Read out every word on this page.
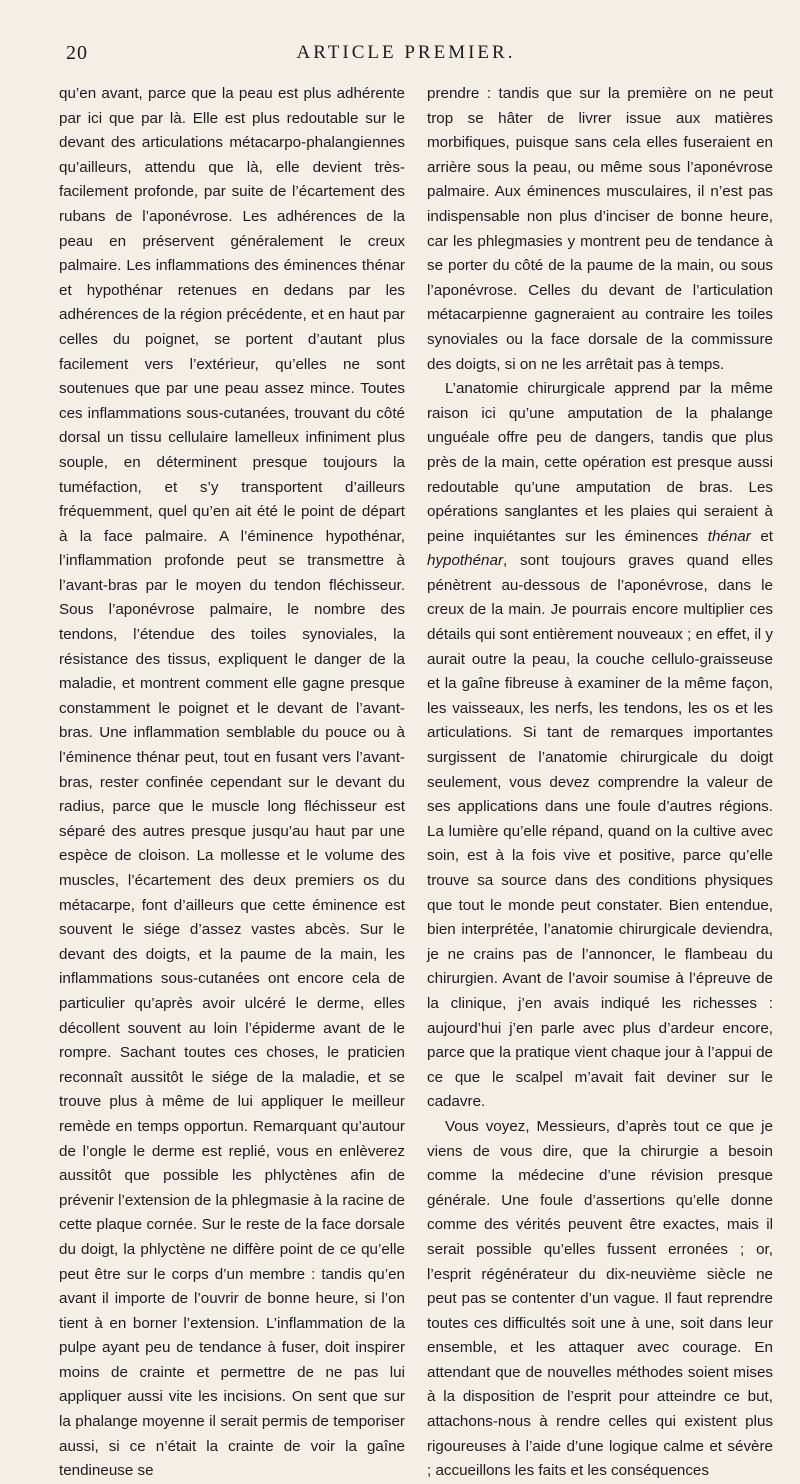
20	ARTICLE PREMIER.

qu’en avant, parce que la peau est plus adhérente par ici que par là. Elle est plus redoutable sur le devant des articulations métacarpo-phalangiennes qu’ailleurs, attendu que là, elle devient très-facilement profonde, par suite de l’écartement des rubans de l’aponévrose. Les adhérences de la peau en préservent généralement le creux palmaire. Les inflammations des éminences thénar et hypothénar retenues en dedans par les adhérences de la région précédente, et en haut par celles du poignet, se portent d’autant plus facilement vers l’extérieur, qu’elles ne sont soutenues que par une peau assez mince. Toutes ces inflammations sous-cutanées, trouvant du côté dorsal un tissu cellulaire lamelleux infiniment plus souple, en déterminent presque toujours la tuméfaction, et s’y transportent d’ailleurs fréquemment, quel qu’en ait été le point de départ à la face palmaire. A l’éminence hypothénar, l’inflammation profonde peut se transmettre à l’avant-bras par le moyen du tendon fléchisseur. Sous l’aponévrose palmaire, le nombre des tendons, l’étendue des toiles synoviales, la résistance des tissus, expliquent le danger de la maladie, et montrent comment elle gagne presque constamment le poignet et le devant de l’avant-bras. Une inflammation semblable du pouce ou à l’éminence thénar peut, tout en fusant vers l’avant-bras, rester confinée cependant sur le devant du radius, parce que le muscle long fléchisseur est séparé des autres presque jusqu’au haut par une espèce de cloison. La mollesse et le volume des muscles, l’écartement des deux premiers os du métacarpe, font d’ailleurs que cette éminence est souvent le siége d’assez vastes abcès. Sur le devant des doigts, et la paume de la main, les inflammations sous-cutanées ont encore cela de particulier qu’après avoir ulcéré le derme, elles décollent souvent au loin l’épiderme avant de le rompre. Sachant toutes ces choses, le praticien reconnaît aussitôt le siége de la maladie, et se trouve plus à même de lui appliquer le meilleur remède en temps opportun. Remarquant qu’autour de l’ongle le derme est replié, vous en enlèverez aussitôt que possible les phlyctènes afin de prévenir l’extension de la phlegmasie à la racine de cette plaque cornée. Sur le reste de la face dorsale du doigt, la phlyctène ne diffère point de ce qu’elle peut être sur le corps d’un membre : tandis qu’en avant il importe de l’ouvrir de bonne heure, si l’on tient à en borner l’extension. L’inflammation de la pulpe ayant peu de tendance à fuser, doit inspirer moins de crainte et permettre de ne pas lui appliquer aussi vite les incisions. On sent que sur la phalange moyenne il serait permis de temporiser aussi, si ce n’était la crainte de voir la gaîne tendineuse se

prendre : tandis que sur la première on ne peut trop se hâter de livrer issue aux matières morbifiques, puisque sans cela elles fuseraient en arrière sous la peau, ou même sous l’aponévrose palmaire. Aux éminences musculaires, il n’est pas indispensable non plus d’inciser de bonne heure, car les phlegmasies y montrent peu de tendance à se porter du côté de la paume de la main, ou sous l’aponévrose. Celles du devant de l’articulation métacarpienne gagneraient au contraire les toiles synoviales ou la face dorsale de la commissure des doigts, si on ne les arrêtait pas à temps.

L’anatomie chirurgicale apprend par la même raison ici qu’une amputation de la phalange unguéale offre peu de dangers, tandis que plus près de la main, cette opération est presque aussi redoutable qu’une amputation de bras. Les opérations sanglantes et les plaies qui seraient à peine inquiétantes sur les éminences thénar et hypothénar, sont toujours graves quand elles pénètrent au-dessous de l’aponévrose, dans le creux de la main. Je pourrais encore multiplier ces détails qui sont entièrement nouveaux ; en effet, il y aurait outre la peau, la couche cellulo-graisseuse et la gaîne fibreuse à examiner de la même façon, les vaisseaux, les nerfs, les tendons, les os et les articulations. Si tant de remarques importantes surgissent de l’anatomie chirurgicale du doigt seulement, vous devez comprendre la valeur de ses applications dans une foule d’autres régions. La lumière qu’elle répand, quand on la cultive avec soin, est à la fois vive et positive, parce qu’elle trouve sa source dans des conditions physiques que tout le monde peut constater. Bien entendue, bien interprétée, l’anatomie chirurgicale deviendra, je ne crains pas de l’annoncer, le flambeau du chirurgien. Avant de l’avoir soumise à l’épreuve de la clinique, j’en avais indiqué les richesses : aujourd’hui j’en parle avec plus d’ardeur encore, parce que la pratique vient chaque jour à l’appui de ce que le scalpel m’avait fait deviner sur le cadavre.

Vous voyez, Messieurs, d’après tout ce que je viens de vous dire, que la chirurgie a besoin comme la médecine d’une révision presque générale. Une foule d’assertions qu’elle donne comme des vérités peuvent être exactes, mais il serait possible qu’elles fussent erronées ; or, l’esprit régénérateur du dix-neuvième siècle ne peut pas se contenter d’un vague. Il faut reprendre toutes ces difficultés soit une à une, soit dans leur ensemble, et les attaquer avec courage. En attendant que de nouvelles méthodes soient mises à la disposition de l’esprit pour atteindre ce but, attachons-nous à rendre celles qui existent plus rigoureuses à l’aide d’une logique calme et sévère ; accueillons les faits et les conséquences
